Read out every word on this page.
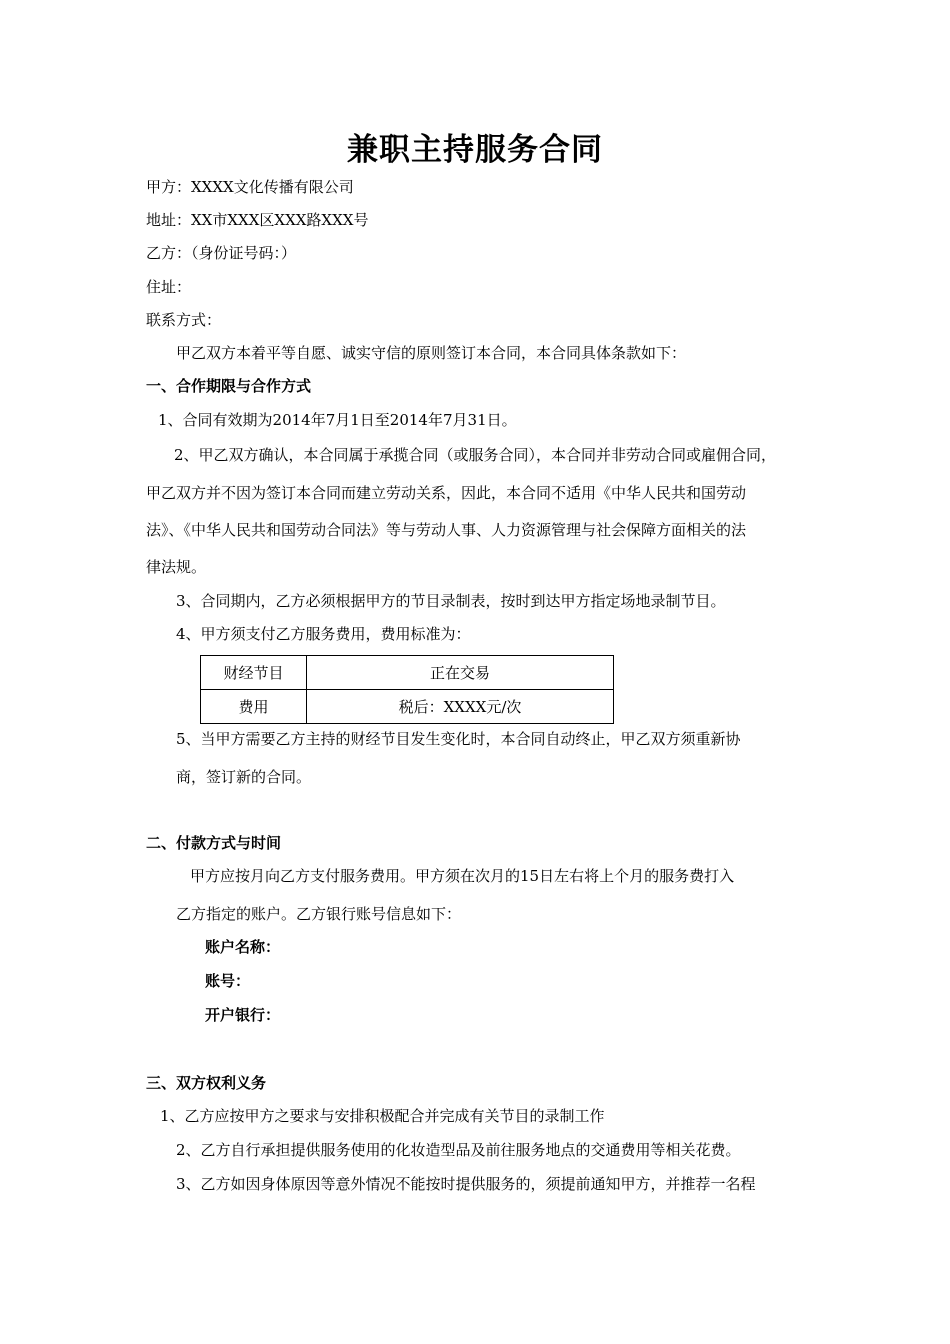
兼职主持服务合同
甲方：XXXX文化传播有限公司
地址：XX市XXX区XXX路XXX号
乙方：（身份证号码：）
住址：
联系方式：
甲乙双方本着平等自愿、诚实守信的原则签订本合同，本合同具体条款如下：
一、合作期限与合作方式
1、合同有效期为2014年7月1日至2014年7月31日。
2、甲乙双方确认，本合同属于承揽合同（或服务合同），本合同并非劳动合同或雇佣合同，
甲乙双方并不因为签订本合同而建立劳动关系，因此，本合同不适用《中华人民共和国劳动
法》、《中华人民共和国劳动合同法》等与劳动人事、人力资源管理与社会保障方面相关的法
律法规。
3、合同期内，乙方必须根据甲方的节目录制表，按时到达甲方指定场地录制节目。
4、甲方须支付乙方服务费用，费用标准为：
财经节目	正在交易
费用	税后：XXXX元/次
5、当甲方需要乙方主持的财经节目发生变化时，本合同自动终止，甲乙双方须重新协
商，签订新的合同。
二、付款方式与时间
甲方应按月向乙方支付服务费用。甲方须在次月的15日左右将上个月的服务费打入
乙方指定的账户。乙方银行账号信息如下：
账户名称：
账号：
开户银行：
三、双方权利义务
1、乙方应按甲方之要求与安排积极配合并完成有关节目的录制工作
2、乙方自行承担提供服务使用的化妆造型品及前往服务地点的交通费用等相关花费。
3、乙方如因身体原因等意外情况不能按时提供服务的，须提前通知甲方，并推荐一名程
